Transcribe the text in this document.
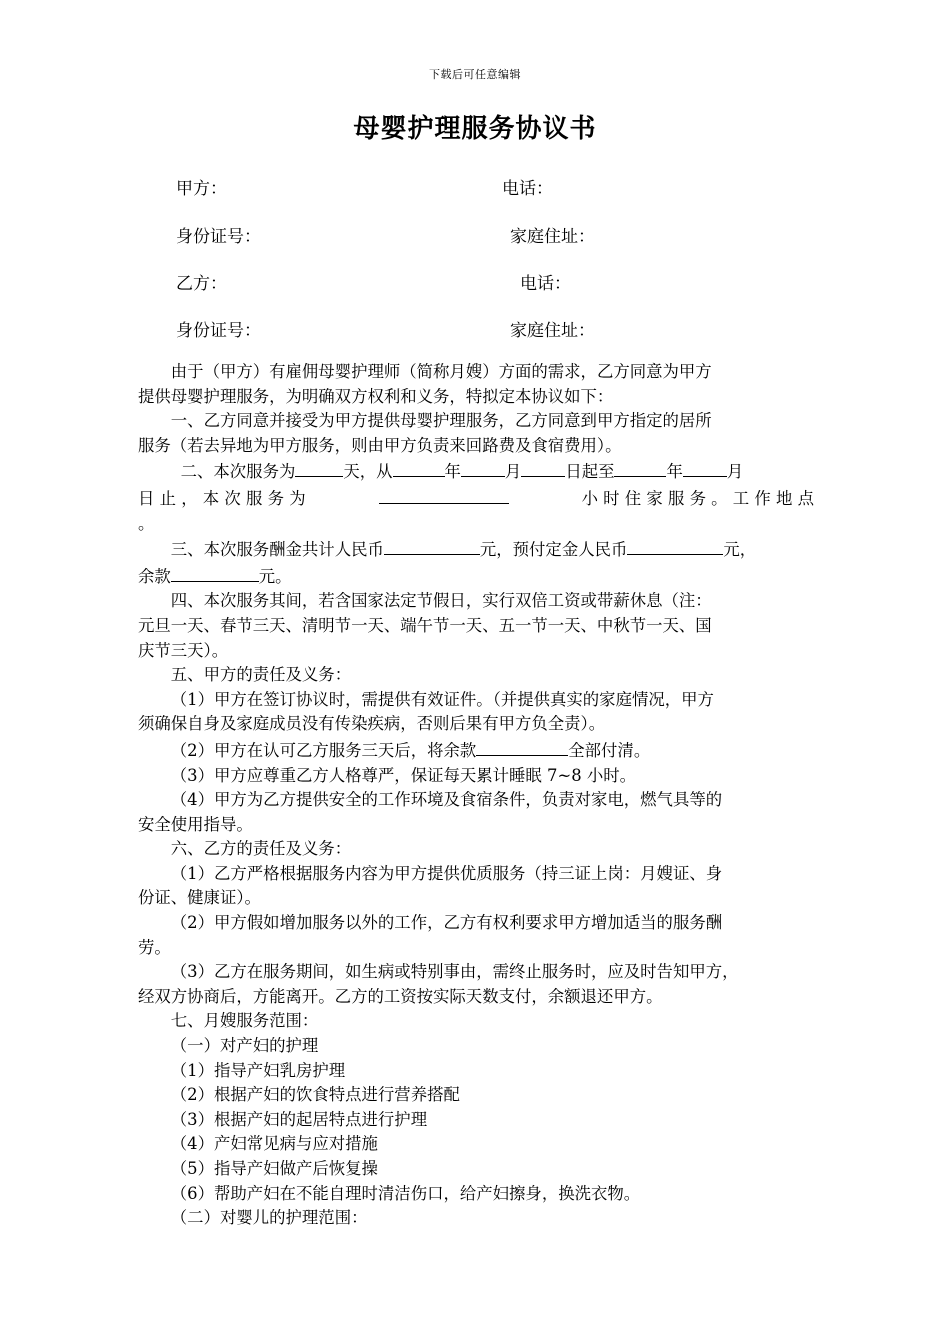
下载后可任意编辑
母婴护理服务协议书
甲方：	电话：
身份证号：	家庭住址：
乙方：	电话：
身份证号：	家庭住址：

由于（甲方）有雇佣母婴护理师（简称月嫂）方面的需求，乙方同意为甲方

提供母婴护理服务，为明确双方权利和义务，特拟定本协议如下：

一、乙方同意并接受为甲方提供母婴护理服务，乙方同意到甲方指定的居所

服务（若去异地为甲方服务，则由甲方负责来回路费及食宿费用）。

二、本次服务为	天，从	年	月	日起至	年	月

日 止 ， 本 次 服 务 为	小 时 住 家 服 务 。 工 作 地 点

。

三、本次服务酬金共计人民币	元，预付定金人民币	元，

余款	元。

四、本次服务其间，若含国家法定节假日，实行双倍工资或带薪休息（注：

元旦一天、春节三天、清明节一天、端午节一天、五一节一天、中秋节一天、国

庆节三天）。

五、甲方的责任及义务：

（1）甲方在签订协议时，需提供有效证件。（并提供真实的家庭情况，甲方

须确保自身及家庭成员没有传染疾病，否则后果有甲方负全责）。

（2）甲方在认可乙方服务三天后，将余款	全部付清。

（3）甲方应尊重乙方人格尊严，保证每天累计睡眠 7~8 小时。

（4）甲方为乙方提供安全的工作环境及食宿条件，负责对家电，燃气具等的

安全使用指导。

六、乙方的责任及义务：

（1）乙方严格根据服务内容为甲方提供优质服务（持三证上岗：月嫂证、身

份证、健康证）。

（2）甲方假如增加服务以外的工作，乙方有权利要求甲方增加适当的服务酬

劳。

（3）乙方在服务期间，如生病或特别事由，需终止服务时，应及时告知甲方，

经双方协商后，方能离开。乙方的工资按实际天数支付，余额退还甲方。

七、月嫂服务范围：

（一）对产妇的护理

（1）指导产妇乳房护理

（2）根据产妇的饮食特点进行营养搭配

（3）根据产妇的起居特点进行护理

（4）产妇常见病与应对措施

（5）指导产妇做产后恢复操

（6）帮助产妇在不能自理时清洁伤口，给产妇擦身，换洗衣物。

（二）对婴儿的护理范围：
